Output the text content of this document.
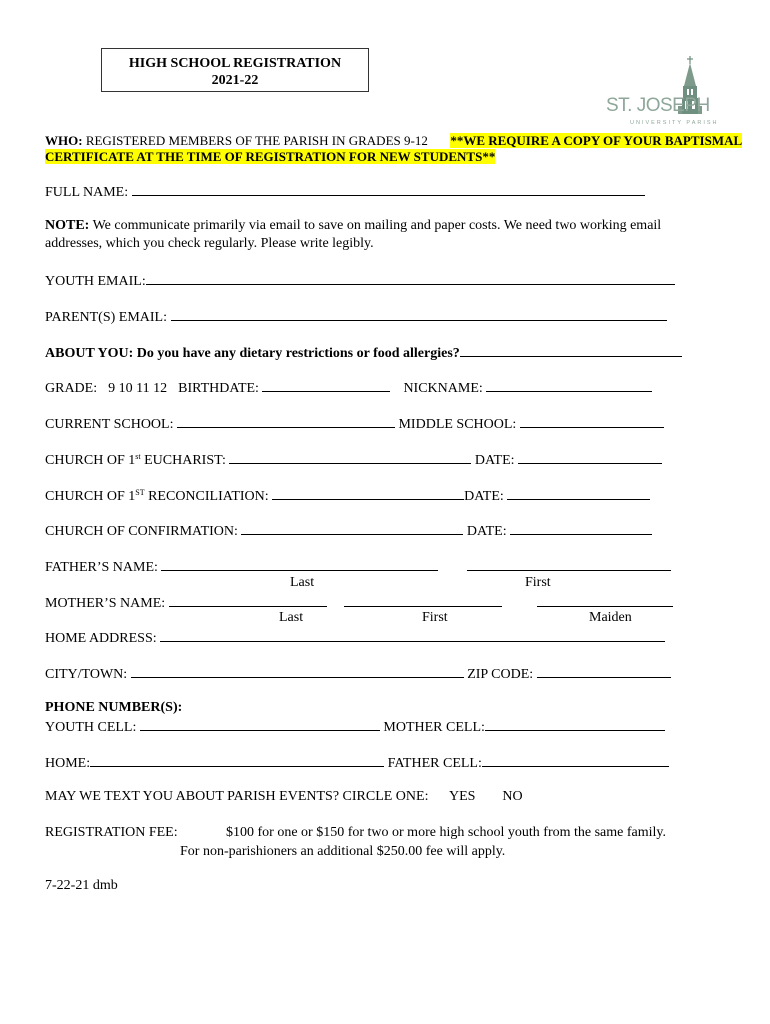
HIGH SCHOOL REGISTRATION
2021-22
ST. JOSEPH
UNIVERSITY PARISH
WHO: REGISTERED MEMBERS OF THE PARISH IN GRADES 9-12 **WE REQUIRE A COPY OF YOUR BAPTISMAL
CERTIFICATE AT THE TIME OF REGISTRATION FOR NEW STUDENTS**
FULL NAME:
NOTE: We communicate primarily via email to save on mailing and paper costs. We need two working email
addresses, which you check regularly. Please write legibly.
YOUTH EMAIL:
PARENT(S) EMAIL:
ABOUT YOU: Do you have any dietary restrictions or food allergies?
GRADE: 9 10 11 12 BIRTHDATE:	NICKNAME:
CURRENT SCHOOL:	MIDDLE SCHOOL:
CHURCH OF 1st EUCHARIST:	DATE:
CHURCH OF 1ST RECONCILIATION:	DATE:
CHURCH OF CONFIRMATION:	DATE:
FATHER’S NAME:
Last	First
MOTHER’S NAME:
Last	First	Maiden
HOME ADDRESS:
CITY/TOWN:	ZIP CODE:
PHONE NUMBER(S):
YOUTH CELL:	MOTHER CELL:
HOME:	FATHER CELL:
MAY WE TEXT YOU ABOUT PARISH EVENTS? CIRCLE ONE: YES NO
REGISTRATION FEE:	$100 for one or $150 for two or more high school youth from the same family.
For non-parishioners an additional $250.00 fee will apply.
7-22-21 dmb
